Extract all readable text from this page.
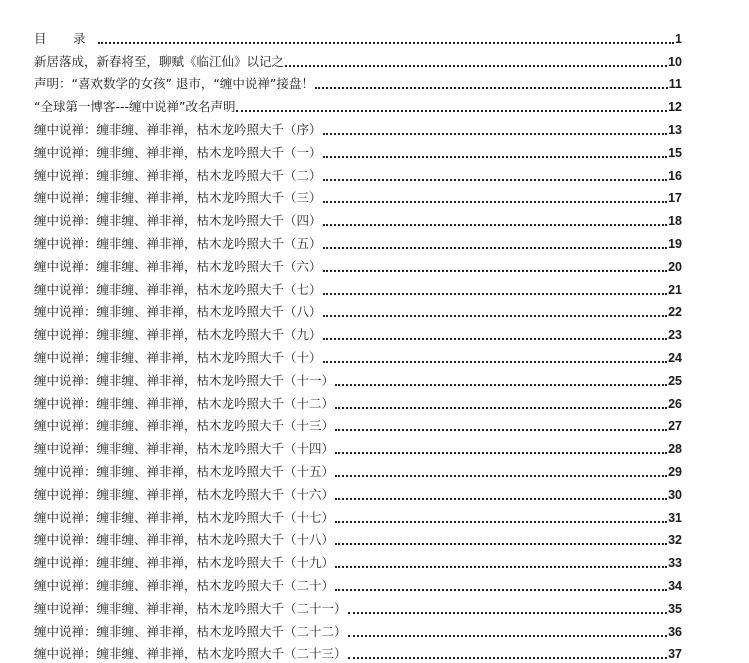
目 录	1
新居落成，新春将至，聊赋《临江仙》以记之	10
声明：“喜欢数学的女孩” 退市，“缠中说禅”接盘！	11
“全球第一博客---缠中说禅”改名声明	12
缠中说禅：缠非缠、禅非禅，枯木龙吟照大千（序）	13
缠中说禅：缠非缠、禅非禅，枯木龙吟照大千（一）	15
缠中说禅：缠非缠、禅非禅，枯木龙吟照大千（二）	16
缠中说禅：缠非缠、禅非禅，枯木龙吟照大千（三）	17
缠中说禅：缠非缠、禅非禅，枯木龙吟照大千（四）	18
缠中说禅：缠非缠、禅非禅，枯木龙吟照大千（五）	19
缠中说禅：缠非缠、禅非禅，枯木龙吟照大千（六）	20
缠中说禅：缠非缠、禅非禅，枯木龙吟照大千（七）	21
缠中说禅：缠非缠、禅非禅，枯木龙吟照大千（八）	22
缠中说禅：缠非缠、禅非禅，枯木龙吟照大千（九）	23
缠中说禅：缠非缠、禅非禅，枯木龙吟照大千（十）	24
缠中说禅：缠非缠、禅非禅，枯木龙吟照大千（十一）	25
缠中说禅：缠非缠、禅非禅，枯木龙吟照大千（十二）	26
缠中说禅：缠非缠、禅非禅，枯木龙吟照大千（十三）	27
缠中说禅：缠非缠、禅非禅，枯木龙吟照大千（十四）	28
缠中说禅：缠非缠、禅非禅，枯木龙吟照大千（十五）	29
缠中说禅：缠非缠、禅非禅，枯木龙吟照大千（十六）	30
缠中说禅：缠非缠、禅非禅，枯木龙吟照大千（十七）	31
缠中说禅：缠非缠、禅非禅，枯木龙吟照大千（十八）	32
缠中说禅：缠非缠、禅非禅，枯木龙吟照大千（十九）	33
缠中说禅：缠非缠、禅非禅，枯木龙吟照大千（二十）	34
缠中说禅：缠非缠、禅非禅，枯木龙吟照大千（二十一）	35
缠中说禅：缠非缠、禅非禅，枯木龙吟照大千（二十二）	36
缠中说禅：缠非缠、禅非禅，枯木龙吟照大千（二十三）	37
